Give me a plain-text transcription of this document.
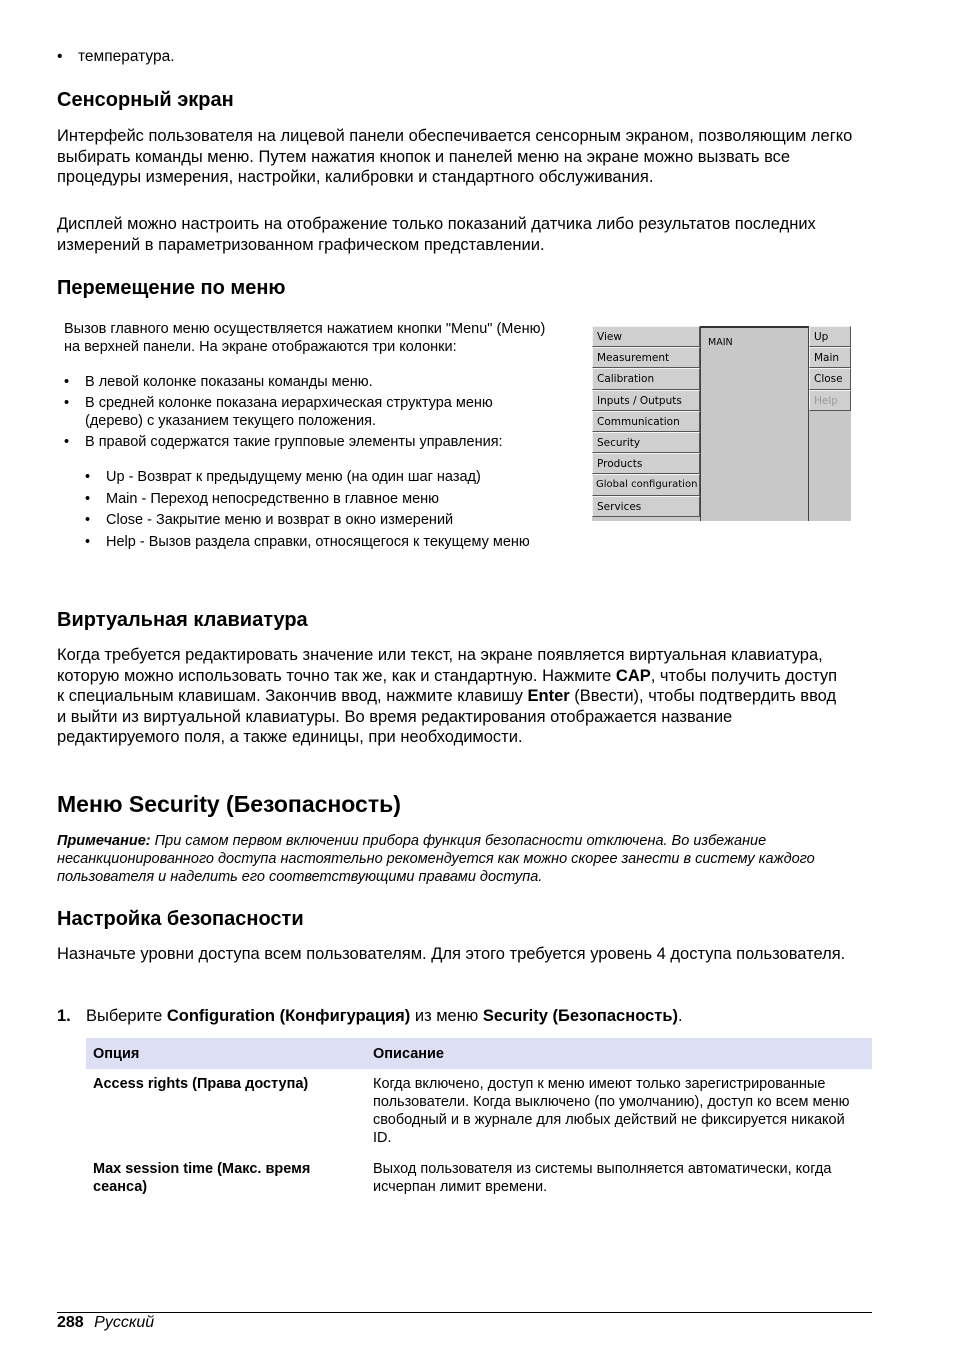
• температура.
Сенсорный экран

Интерфейс пользователя на лицевой панели обеспечивается сенсорным экраном, позволяющим легко выбирать команды меню. Путем нажатия кнопок и панелей меню на экране можно вызвать все процедуры измерения, настройки, калибровки и стандартного обслуживания.

Дисплей можно настроить на отображение только показаний датчика либо результатов последних измерений в параметризованном графическом представлении.

Перемещение по меню

Вызов главного меню осуществляется нажатием кнопки "Menu" (Меню) на верхней панели. На экране отображаются три колонки:

• В левой колонке показаны команды меню.
• В средней колонке показана иерархическая структура меню (дерево) с указанием текущего положения.
• В правой содержатся такие групповые элементы управления:
• Up - Возврат к предыдущему меню (на один шаг назад)
• Main - Переход непосредственно в главное меню
• Close - Закрытие меню и возврат в окно измерений
• Help - Вызов раздела справки, относящегося к текущему меню
View
Measurement
Calibration
Inputs / Outputs
Communication
Security
Products
Global configuration
Services
MAIN	Up
Main
Close
Help
Виртуальная клавиатура

Когда требуется редактировать значение или текст, на экране появляется виртуальная клавиатура, которую можно использовать точно так же, как и стандартную. Нажмите CAP, чтобы получить доступ к специальным клавишам. Закончив ввод, нажмите клавишу Enter (Ввести), чтобы подтвердить ввод и выйти из виртуальной клавиатуры. Во время редактирования отображается название редактируемого поля, а также единицы, при необходимости.

Меню Security (Безопасность)

Примечание: При самом первом включении прибора функция безопасности отключена. Во избежание несанкционированного доступа настоятельно рекомендуется как можно скорее занести в систему каждого пользователя и наделить его соответствующими правами доступа.

Настройка безопасности

Назначьте уровни доступа всем пользователям. Для этого требуется уровень 4 доступа пользователя.

1. Выберите Configuration (Конфигурация) из меню Security (Безопасность).
Опция	Описание
Access rights (Права доступа)	Когда включено, доступ к меню имеют только зарегистрированные пользователи. Когда выключено (по умолчанию), доступ ко всем меню свободный и в журнале для любых действий не фиксируется никакой ID.
Max session time (Макс. время сеанса)	Выход пользователя из системы выполняется автоматически, когда исчерпан лимит времени.
288 Русский
